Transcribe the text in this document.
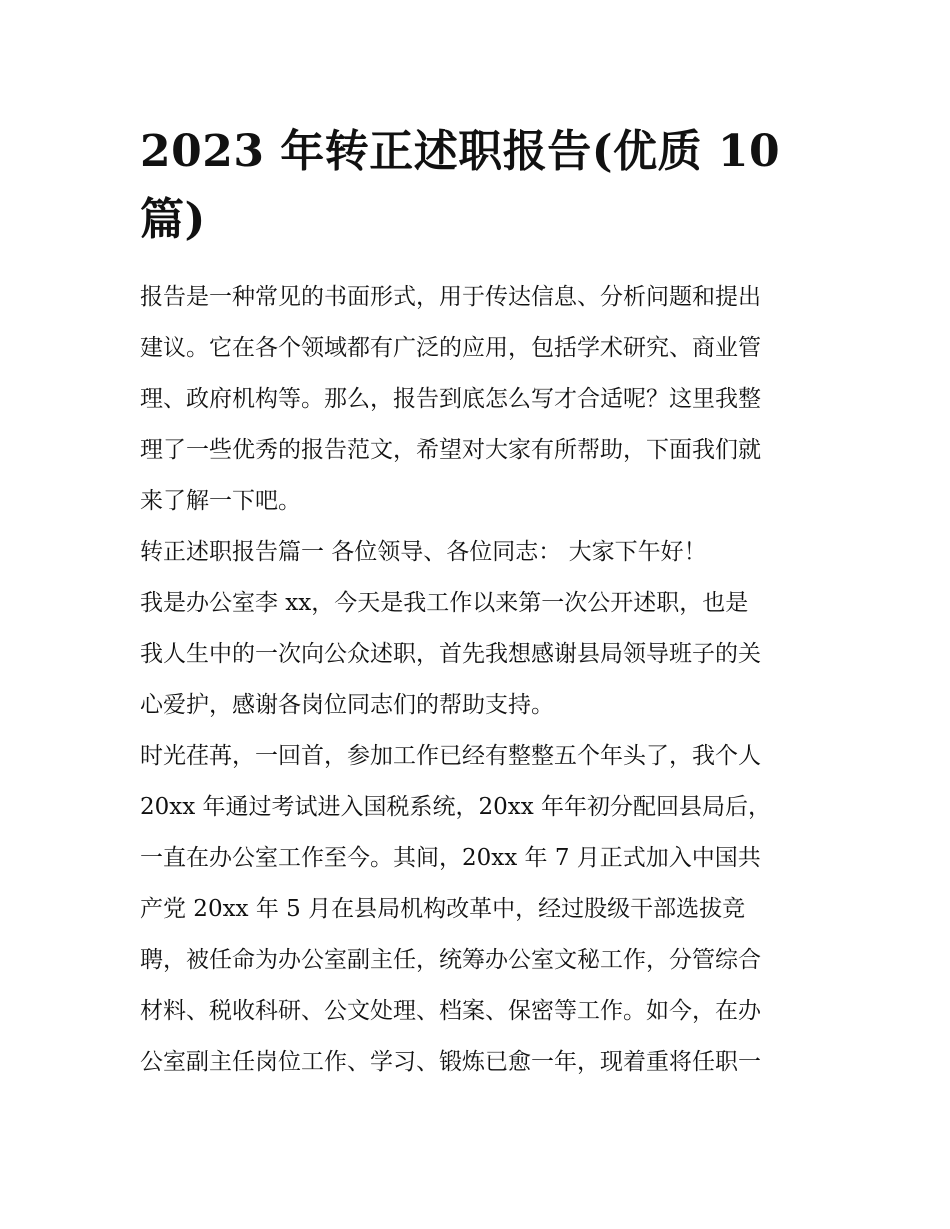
2023 年转正述职报告(优质 10
篇)
报告是一种常见的书面形式，用于传达信息、分析问题和提出
建议。它在各个领域都有广泛的应用，包括学术研究、商业管
理、政府机构等。那么，报告到底怎么写才合适呢？这里我整
理了一些优秀的报告范文，希望对大家有所帮助，下面我们就
来了解一下吧。
转正述职报告篇一 各位领导、各位同志： 大家下午好！
我是办公室李 xx，今天是我工作以来第一次公开述职，也是
我人生中的一次向公众述职，首先我想感谢县局领导班子的关
心爱护，感谢各岗位同志们的帮助支持。
时光荏苒，一回首，参加工作已经有整整五个年头了，我个人
20xx 年通过考试进入国税系统，20xx 年年初分配回县局后，
一直在办公室工作至今。其间，20xx 年 7 月正式加入中国共
产党 20xx 年 5 月在县局机构改革中，经过股级干部选拔竞
聘，被任命为办公室副主任，统筹办公室文秘工作，分管综合
材料、税收科研、公文处理、档案、保密等工作。如今，在办
公室副主任岗位工作、学习、锻炼已愈一年，现着重将任职一
